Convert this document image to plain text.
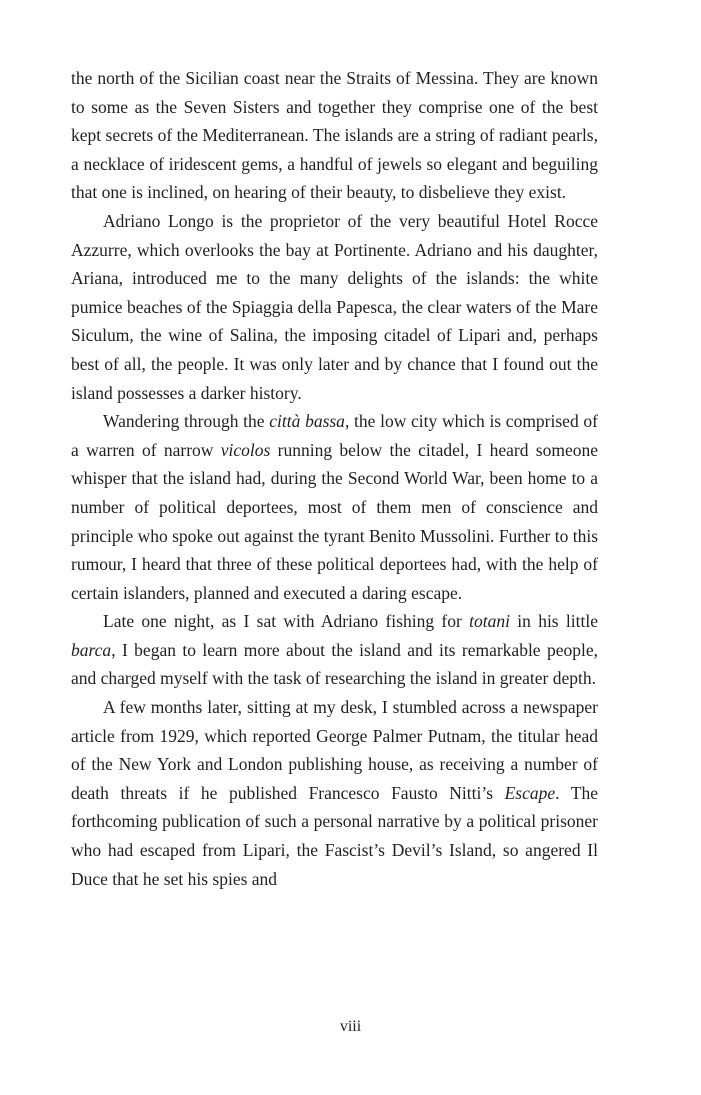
the north of the Sicilian coast near the Straits of Messina. They are known to some as the Seven Sisters and together they comprise one of the best kept secrets of the Mediterranean. The islands are a string of radiant pearls, a necklace of iridescent gems, a handful of jewels so elegant and beguiling that one is inclined, on hearing of their beauty, to disbelieve they exist.

Adriano Longo is the proprietor of the very beautiful Hotel Rocce Azzurre, which overlooks the bay at Portinente. Adriano and his daughter, Ariana, introduced me to the many delights of the islands: the white pumice beaches of the Spiaggia della Papesca, the clear waters of the Mare Siculum, the wine of Salina, the imposing citadel of Lipari and, perhaps best of all, the people. It was only later and by chance that I found out the island possesses a darker history.

Wandering through the città bassa, the low city which is comprised of a warren of narrow vicolos running below the citadel, I heard someone whisper that the island had, during the Second World War, been home to a number of political deportees, most of them men of conscience and principle who spoke out against the tyrant Benito Mussolini. Further to this rumour, I heard that three of these political deportees had, with the help of certain islanders, planned and executed a daring escape.

Late one night, as I sat with Adriano fishing for totani in his little barca, I began to learn more about the island and its remarkable people, and charged myself with the task of researching the island in greater depth.

A few months later, sitting at my desk, I stumbled across a newspaper article from 1929, which reported George Palmer Putnam, the titular head of the New York and London publishing house, as receiving a number of death threats if he published Francesco Fausto Nitti’s Escape. The forthcoming publication of such a personal narrative by a political prisoner who had escaped from Lipari, the Fascist’s Devil’s Island, so angered Il Duce that he set his spies and

viii
